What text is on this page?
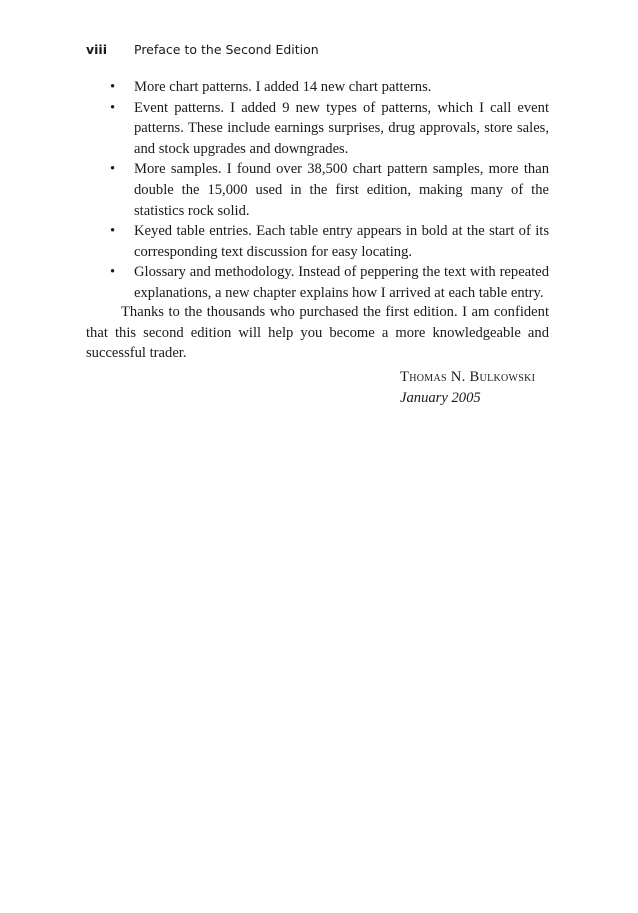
viii Preface to the Second Edition
• More chart patterns. I added 14 new chart patterns.
• Event patterns. I added 9 new types of patterns, which I call event patterns. These include earnings surprises, drug approvals, store sales, and stock upgrades and downgrades.
• More samples. I found over 38,500 chart pattern samples, more than double the 15,000 used in the first edition, making many of the statistics rock solid.
• Keyed table entries. Each table entry appears in bold at the start of its corresponding text discussion for easy locating.
• Glossary and methodology. Instead of peppering the text with repeated explanations, a new chapter explains how I arrived at each table entry.

Thanks to the thousands who purchased the first edition. I am confident that this second edition will help you become a more knowledgeable and successful trader.

Thomas N. Bulkowski
January 2005
